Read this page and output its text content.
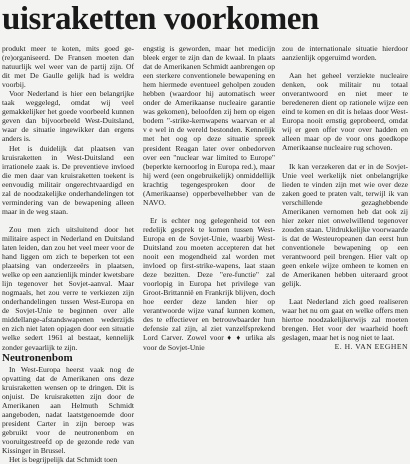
uisraketten voorkomen

produkt meer te koten, mits goed ge- (re)organiseerd. De Fransen moeten dan natuurlijk wel weer van de partij zijn. Of dit met De Gaulle gelijk had is weldra voorbij.

Voor Nederland is hier een belangrijke taak weggelegd, omdat wij veel gemakkelijker het goede voorbeeld kunnen geven dan bijvoorbeeld West-Duitsland, waar de situatie ingewikker dan ergens anders is.

Het is duidelijk dat plaatsen van kruisraketten in West-Duitsland een irrationele zaak is. De preventieve invloed die men daar van kruisraketten toekent is eenvoudig militair ongerechtvaardigd en zal de noodzakelijke onderhandelingen tot vermindering van de bewapening alleen maar in de weg staan.

Zou men zich uitsluitend door het militaire aspect in Nederland en Duitsland laten leiden, dan zou het veel meer voor de hand liggen om zich te beperken tot een plaatsing van onderzeeërs in plaatsen, welke op een aanzienlijk minder kwetsbare lijn tegenover het Sovjet-aanval. Maar nogmaals, het zou verre te verkiezen zijn onderhandelingen tussen West-Europa en de Sovjet-Unie te beginnen over alle middellange-afstandswapenen wederzijds en zich niet laten opjagen door een situatie welke sedert 1961 al bestaat, kennelijk zonder gevaarlijk te zijn.

Neutronenbom

In West-Europa heerst vaak nog de opvatting dat de Amerikanen ons deze kruisraketten wensen op te dringen. Dit is onjuist. De kruisraketten zijn door de Amerikanen aan Helmuth Schmidt aangeboden, nadat laatstgenoemde door president Carter in zijn beroep was gebruikt voor de neutronenbom en vooruitgestreefd op de gezonde rede van Kissinger in Brussel.

Het is begrijpelijk dat Schmidt toen

engstig is geworden, maar het medicijn bleek erger te zijn dan de kwaal. In plaats dat de Amerikanen Schmidt aanbrengen op een sterkere conventionele bewapening en hem hiermede eventueel geholpen zouden hebben (waardoor hij automatisch weer onder de Amerikaanse nucleaire garantie was gekomen), beloofden zij hem op eigen bodem "-strike-kernwapens waarvan er al v e wel in de wereld bestonden. Kennelijk met het oog op deze situatie spreek president Reagan later over onbedorven over een "nuclear war limited to Europe" (beperkte kernoorlog in Europa red.), maar hij werd (een ongebruikelijk) onmiddellijk krachtig tegengesproken door de (Amerikaanse) opperbevelhebber van de NAVO.

Er is echter nog gelegenheid tot een redelijk gesprek te komen tussen West-Europa en de Sovjet-Unie, waarbij West-Duitsland zou moeten accepteren dat het nooit een mogendheid zal worden met invloed op first-strike-wapens, laat staan deze bezitten. Deze "ere-functie" zal voorlopig in Europa het privilege van Groot-Brittannië en Frankrijk blijven, doch hoe eerder deze landen hier op verantwoorde wijze vanaf kunnen komen, des te effectiever en betrouwbaarder hun defensie zal zijn, al ziet vanzelfsprekend Lord Carver. Zowel voor ♦ ♦ urlika als voor de Sovjet-Unie

zou de internationale situatie hierdoor aanzienlijk opgeruimd worden.

Aan het geheel verziekte nucleaire denken, ook militair nu totaal onverantwoord en niet meer te beredeneren dient op rationele wijze een eind te komen en dit is helaas door West-Europa nooit ernstig geprobeerd, omdat wij er geen offer voor over hadden en alleen maar op de voor ons goedkope Amerikaanse nucleaire rug schoven.

Ik kan verzekeren dat er in de Sovjet-Unie veel werkelijk niet onbelangrijke lieden te vinden zijn met wie over deze zaken goed te praten valt, terwijl ik van verschillende gezaghebbende Amerikanen vernomen heb dat ook zij hier zeker niet onwelwillend tegenover zouden staan. Uitdrukkelijke voorwaarde is dat de Westeuropeanen dan eerst hun conventionele bewapening op een verantwoord peil brengen. Hier valt op geen enkele wijze omheen te komen en de Amerikanen hebben uiteraard groot gelijk.

Laat Nederland zich goed realiseren waar het nu om gaat en welke offers men hiertoe noodzakelijkerwijs zal moeten brengen. Het voor der waarheid hoeft geslagen, maar het is nog niet te laat.

E. H. VAN EEGHEN
